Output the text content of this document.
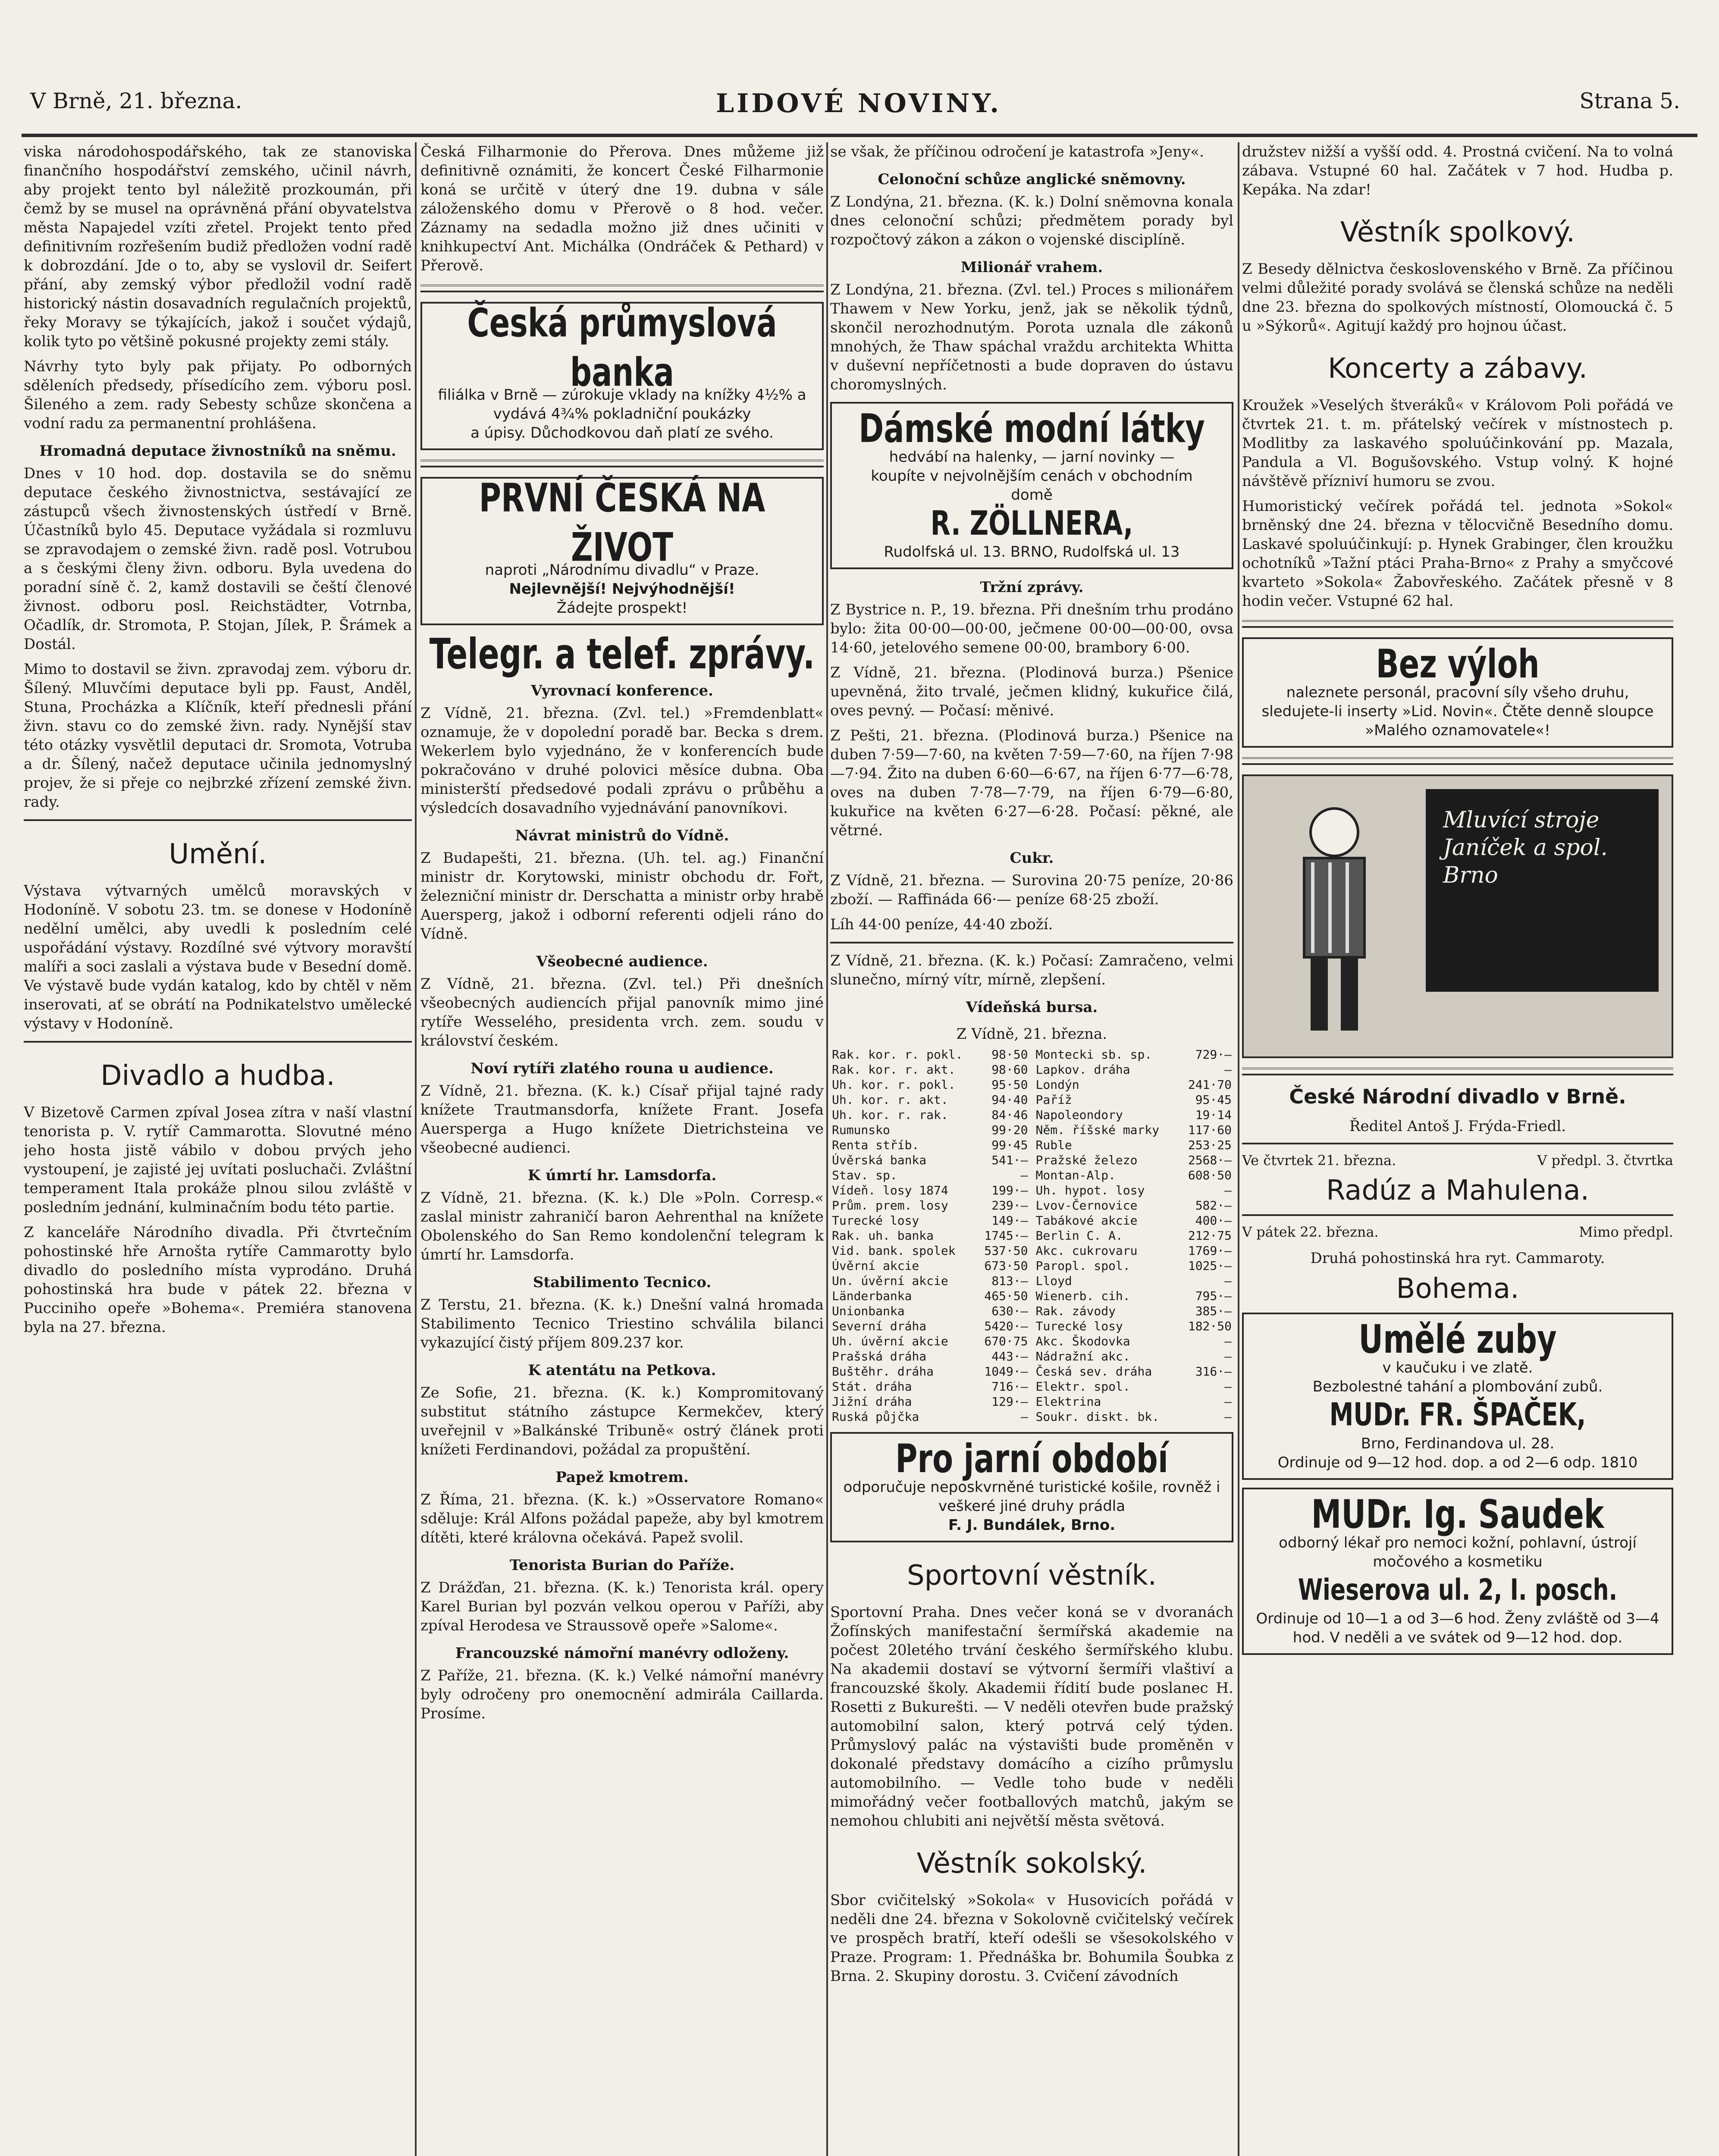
V Brně, 21. března.	LIDOVÉ NOVINY.	Strana 5.

viska národohospodářského, tak ze stanoviska finančního hospodářství zemského, učinil návrh, aby projekt tento byl náležitě prozkoumán, při čemž by se musel na oprávněná přání obyvatelstva města Napajedel vzíti zřetel. Projekt tento před definitivním rozřešením budiž předložen vodní radě k dobrozdání. Jde o to, aby se vyslovil dr. Seifert přání, aby zemský výbor předložil vodní radě historický nástin dosavadních regulačních projektů, řeky Moravy se týkajících, jakož i součet výdajů, kolik tyto po většině pokusné projekty zemi stály.

Návrhy tyto byly pak přijaty. Po odborných sděleních předsedy, přísedícího zem. výboru posl. Šileného a zem. rady Sebesty schůze skončena a vodní radu za permanentní prohlášena.

Hromadná deputace živnostníků na sněmu.

Dnes v 10 hod. dop. dostavila se do sněmu deputace českého živnostnictva, sestávající ze zástupců všech živnostenských ústředí v Brně. Účastníků bylo 45. Deputace vyžádala si rozmluvu se zpravodajem o zemské živn. radě posl. Votrubou a s českými členy živn. odboru. Byla uvedena do poradní síně č. 2, kamž dostavili se čeští členové živnost. odboru posl. Reichstädter, Votrnba, Očadlík, dr. Stromota, P. Stojan, Jílek, P. Šrámek a Dostál.

Mimo to dostavil se živn. zpravodaj zem. výboru dr. Šílený. Mluvčími deputace byli pp. Faust, Anděl, Stuna, Procházka a Klíčník, kteří přednesli přání živn. stavu co do zemské živn. rady. Nynější stav této otázky vysvětlil deputaci dr. Sromota, Votruba a dr. Šílený, načež deputace učinila jednomyslný projev, že si přeje co nejbrzké zřízení zemské živn. rady.

Umění.

Výstava výtvarných umělců moravských v Hodoníně. V sobotu 23. tm. se donese v Hodoníně nedělní umělci, aby uvedli k posledním celé uspořádání výstavy. Rozdílné své výtvory moravští malíři a soci zaslali a výstava bude v Besední domě. Ve výstavě bude vydán katalog, kdo by chtěl v něm inserovati, ať se obrátí na Podnikatelstvo umělecké výstavy v Hodoníně.

Divadlo a hudba.

V Bizetově Carmen zpíval Josea zítra v naší vlastní tenorista p. V. rytíř Cammarotta. Slovutné méno jeho hosta jistě vábilo v dobou prvých jeho vystoupení, je zajisté jej uvítati posluchači. Zvláštní temperament Itala prokáže plnou silou zvláště v posledním jednání, kulminačním bodu této partie.

Z kanceláře Národního divadla. Při čtvrtečním pohostinské hře Arnošta rytíře Cammarotty bylo divadlo do posledního místa vyprodáno. Druhá pohostinská hra bude v pátek 22. března v Pucciniho opeře »Bohema«. Premiéra stanovena byla na 27. března.

Česká Filharmonie do Přerova. Dnes můžeme již definitivně oznámiti, že koncert České Filharmonie koná se určitě v úterý dne 19. dubna v sále záloženského domu v Přerově o 8 hod. večer. Záznamy na sedadla možno již dnes učiniti v knihkupectví Ant. Michálka (Ondráček & Pethard) v Přerově.

Česká průmyslová banka
filiálka v Brně — zúrokuje vklady na knížky 4½% a vydává 4¾% pokladniční poukázky
a úpisy. Důchodkovou daň platí ze svého.
PRVNÍ ČESKÁ NA ŽIVOT
naproti „Národnímu divadlu“ v Praze.
Nejlevnější! Nejvýhodnější!
Žádejte prospekt!
Telegr. a telef. zprávy.
Vyrovnací konference.

Z Vídně, 21. března. (Zvl. tel.) »Fremdenblatt« oznamuje, že v dopolední poradě bar. Becka s drem. Wekerlem bylo vyjednáno, že v konferencích bude pokračováno v druhé polovici měsíce dubna. Oba ministerští předsedové podali zprávu o průběhu a výsledcích dosavadního vyjednávání panovníkovi.

Návrat ministrů do Vídně.

Z Budapešti, 21. března. (Uh. tel. ag.) Finanční ministr dr. Korytowski, ministr obchodu dr. Fořt, železniční ministr dr. Derschatta a ministr orby hrabě Auersperg, jakož i odborní referenti odjeli ráno do Vídně.

Všeobecné audience.

Z Vídně, 21. března. (Zvl. tel.) Při dnešních všeobecných audiencích přijal panovník mimo jiné rytíře Wesselého, presidenta vrch. zem. soudu v království českém.

Noví rytíři zlatého rouna u audience.

Z Vídně, 21. března. (K. k.) Císař přijal tajné rady knížete Trautmansdorfa, knížete Frant. Josefa Auersperga a Hugo knížete Dietrichsteina ve všeobecné audienci.

K úmrtí hr. Lamsdorfa.

Z Vídně, 21. března. (K. k.) Dle »Poln. Corresp.« zaslal ministr zahraničí baron Aehrenthal na knížete Obolenského do San Remo kondolenční telegram k úmrtí hr. Lamsdorfa.

Stabilimento Tecnico.

Z Terstu, 21. března. (K. k.) Dnešní valná hromada Stabilimento Tecnico Triestino schválila bilanci vykazující čistý příjem 809.237 kor.

K atentátu na Petkova.

Ze Sofie, 21. března. (K. k.) Kompromitovaný substitut státního zástupce Kermekčev, který uveřejnil v »Balkánské Tribuně« ostrý článek proti knížeti Ferdinandovi, požádal za propuštění.

Papež kmotrem.

Z Říma, 21. března. (K. k.) »Osservatore Romano« sděluje: Král Alfons požádal papeže, aby byl kmotrem dítěti, které královna očekává. Papež svolil.

Tenorista Burian do Paříže.

Z Drážďan, 21. března. (K. k.) Tenorista král. opery Karel Burian byl pozván velkou operou v Paříži, aby zpíval Herodesa ve Straussově opeře »Salome«.

Francouzské námořní manévry odloženy.

Z Paříže, 21. března. (K. k.) Velké námořní manévry byly odročeny pro onemocnění admirála Caillarda. Prosíme.

se však, že příčinou odročení je katastrofa »Jeny«.

Celonoční schůze anglické sněmovny.

Z Londýna, 21. března. (K. k.) Dolní sněmovna konala dnes celonoční schůzi; předmětem porady byl rozpočtový zákon a zákon o vojenské disciplíně.

Milionář vrahem.

Z Londýna, 21. března. (Zvl. tel.) Proces s milionářem Thawem v New Yorku, jenž, jak se několik týdnů, skončil nerozhodnutým. Porota uznala dle zákonů mnohých, že Thaw spáchal vraždu architekta Whitta v duševní nepříčetnosti a bude dopraven do ústavu choromyslných.

Dámské modní látky
hedvábí na halenky, — jarní novinky —
koupíte v nejvolnějším cenách v obchodním
domě
R. ZÖLLNERA,
Rudolfská ul. 13. BRNO, Rudolfská ul. 13
Tržní zprávy.

Z Bystrice n. P., 19. března. Při dnešním trhu prodáno bylo: žita 00·00—00·00, ječmene 00·00—00·00, ovsa 14·60, jetelového semene 00·00, brambory 6·00.

Z Vídně, 21. března. (Plodinová burza.) Pšenice upevněná, žito trvalé, ječmen klidný, kukuřice čilá, oves pevný. — Počasí: měnivé.

Z Pešti, 21. března. (Plodinová burza.) Pšenice na duben 7·59—7·60, na květen 7·59—7·60, na říjen 7·98—7·94. Žito na duben 6·60—6·67, na říjen 6·77—6·78, oves na duben 7·78—7·79, na říjen 6·79—6·80, kukuřice na květen 6·27—6·28. Počasí: pěkné, ale větrné.

Cukr.

Z Vídně, 21. března. — Surovina 20·75 peníze, 20·86 zboží. — Raffináda 66·— peníze 68·25 zboží.

Líh 44·00 peníze, 44·40 zboží.

Z Vídně, 21. března. (K. k.) Počasí: Zamračeno, velmi slunečno, mírný vítr, mírně, zlepšení.

Vídeňská bursa.
Z Vídně, 21. března.
Rak. kor. r. pokl.	98·50
Rak. kor. r. akt.	98·60
Uh. kor. r. pokl.	95·50
Uh. kor. r. akt.	94·40
Uh. kor. r. rak.	84·46
Rumunsko	99·20
Renta stříb.	99·45
Úvěrská banka	541·—
Stav. sp.	—
Vídeň. losy 1874	199·—
Prům. prem. losy	239·—
Turecké losy	149·—
Rak. uh. banka	1745·—
Vid. bank. spolek	537·50
Úvěrní akcie	673·50
Un. úvěrní akcie	813·—
Länderbanka	465·50
Unionbanka	630·—
Severní dráha	5420·—
Uh. úvěrní akcie	670·75
Prašská dráha	443·—
Buštěhr. dráha	1049·—
Stát. dráha	716·—
Jižní dráha	129·—
Ruská půjčka	—
Montecki sb. sp.	729·—
Lapkov. dráha	—
Londýn	241·70
Paříž	95·45
Napoleondory	19·14
Něm. říšské marky	117·60
Ruble	253·25
Pražské železo	2568·—
Montan-Alp.	608·50
Uh. hypot. losy	—
Lvov-Černovice	582·—
Tabákové akcie	400·—
Berlin C. A.	212·75
Akc. cukrovaru	1769·—
Paropl. spol.	1025·—
Lloyd	—
Wienerb. cih.	795·—
Rak. závody	385·—
Turecké losy	182·50
Akc. Škodovka	—
Nádražní akc.	—
Česká sev. dráha	316·—
Elektr. spol.	—
Elektrina	—
Soukr. diskt. bk.	—
Pro jarní období
odporučuje neposkvrněné turistické košile, rovněž i
veškeré jiné druhy prádla
F. J. Bundálek, Brno.
Sportovní věstník.

Sportovní Praha. Dnes večer koná se v dvoranách Žofínských manifestační šermířská akademie na počest 20letého trvání českého šermířského klubu. Na akademii dostaví se výtvorní šermíři vlaštiví a francouzské školy. Akademii řídití bude poslanec H. Rosetti z Bukurešti. — V neděli otevřen bude pražský automobilní salon, který potrvá celý týden. Průmyslový palác na výstavišti bude proměněn v dokonalé představy domácího a cizího průmyslu automobilního. — Vedle toho bude v neděli mimořádný večer footballových matchů, jakým se nemohou chlubiti ani největší města světová.

Věstník sokolský.

Sbor cvičitelský »Sokola« v Husovicích pořádá v neděli dne 24. března v Sokolovně cvičitelský večírek ve prospěch bratří, kteří odešli se všesokolského v Praze. Program: 1. Přednáška br. Bohumila Šoubka z Brna. 2. Skupiny dorostu. 3. Cvičení závodních

družstev nižší a vyšší odd. 4. Prostná cvičení. Na to volná zábava. Vstupné 60 hal. Začátek v 7 hod. Hudba p. Kepáka. Na zdar!

Věstník spolkový.

Z Besedy dělnictva československého v Brně. Za příčinou velmi důležité porady svolává se členská schůze na neděli dne 23. března do spolkových místností, Olomoucká č. 5 u »Sýkorů«. Agitují každý pro hojnou účast.

Koncerty a zábavy.

Kroužek »Veselých štveráků« v Královom Poli pořádá ve čtvrtek 21. t. m. přátelský večírek v místnostech p. Modlitby za laskavého spoluúčinkování pp. Mazala, Pandula a Vl. Bogušovského. Vstup volný. K hojné návštěvě přízniví humoru se zvou.

Humoristický večírek pořádá tel. jednota »Sokol« brněnský dne 24. března v tělocvičně Besedního domu. Laskavé spoluúčinkují: p. Hynek Grabinger, člen kroužku ochotníků »Tažní ptáci Praha-Brno« z Prahy a smyčcové kvarteto »Sokola« Žabovřeského. Začátek přesně v 8 hodin večer. Vstupné 62 hal.

Bez výloh
naleznete personál, pracovní síly všeho druhu, sledujete-li inserty »Lid. Novin«. Čtěte denně sloupce »Malého oznamovatele«!
Mluvící stroje Janíček a spol. Brno
České Národní divadlo v Brně.
Ředitel Antoš J. Frýda-Friedl.
Ve čtvrtek 21. března.	V předpl. 3. čtvrtka
Radúz a Mahulena.
V pátek 22. března.	Mimo předpl.
Druhá pohostinská hra ryt. Cammaroty.
Bohema.
Umělé zuby
v kaučuku i ve zlatě.
Bezbolestné tahání a plombování zubů.
MUDr. FR. ŠPAČEK,
Brno, Ferdinandova ul. 28.
Ordinuje od 9—12 hod. dop. a od 2—6 odp. 1810
MUDr. Ig. Saudek
odborný lékař pro nemoci kožní, pohlavní, ústrojí močového a kosmetiku
Wieserova ul. 2, I. posch.
Ordinuje od 10—1 a od 3—6 hod. Ženy zvláště od 3—4 hod. V neděli a ve svátek od 9—12 hod. dop.
